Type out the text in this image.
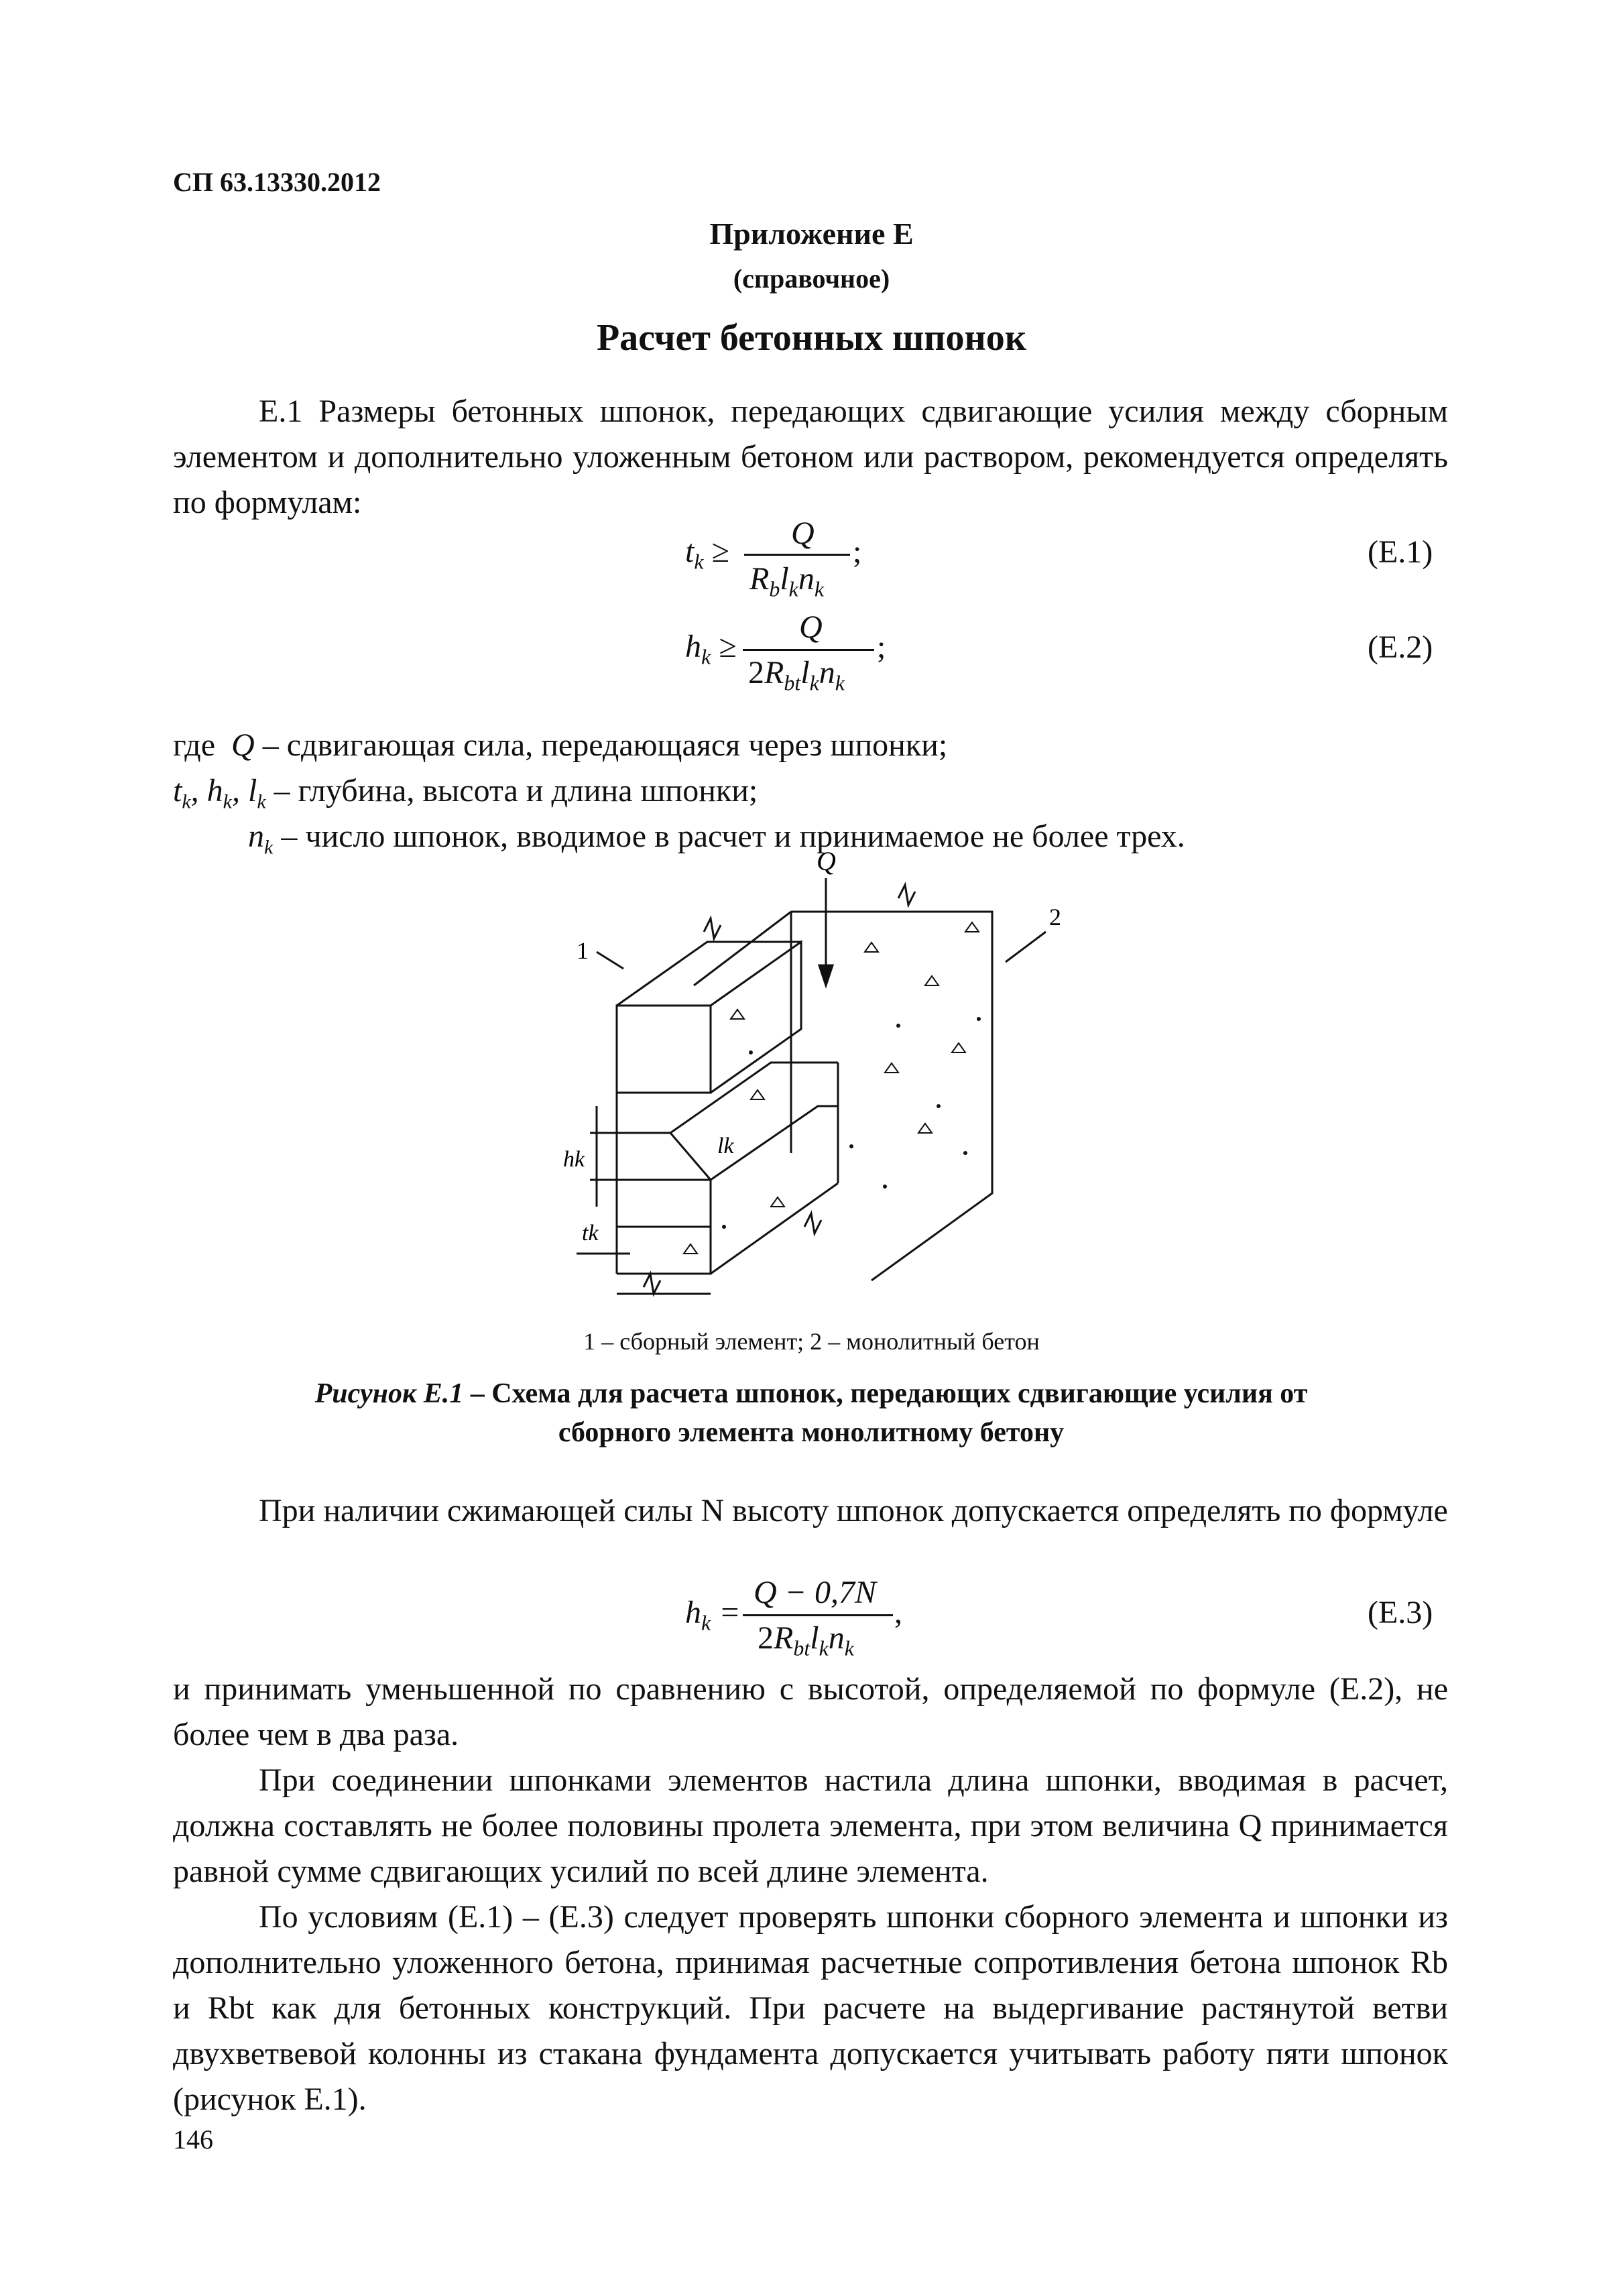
СП 63.13330.2012
Приложение Е
(справочное)
Расчет бетонных шпонок
Е.1 Размеры бетонных шпонок, передающих сдвигающие усилия между сборным элементом и дополнительно уложенным бетоном или раствором, рекомендуется определять по формулам:
$t_k$ ≥
Q
$R_bl_kn_k$
;	(Е.1)
$h_k$ ≥
Q
$2R_{bt}l_kn_k$
;	(Е.2)
где Q – сдвигающая сила, передающаяся через шпонки;
$t_k$, $h_k$, $l_k$ – глубина, высота и длина шпонки;
$n_k$ – число шпонок, вводимое в расчет и принимаемое не более трех.
Q
1
2
hk
tk
lk
1 – сборный элемент; 2 – монолитный бетон
Рисунок Е.1 – Схема для расчета шпонок, передающих сдвигающие усилия от сборного элемента монолитному бетону
При наличии сжимающей силы N высоту шпонок допускается определять по формуле
$h_k$ =
Q − 0,7N
$2R_{bt}l_kn_k$
,	(Е.3)
и принимать уменьшенной по сравнению с высотой, определяемой по формуле (Е.2), не более чем в два раза.
При соединении шпонками элементов настила длина шпонки, вводимая в расчет, должна составлять не более половины пролета элемента, при этом величина Q принимается равной сумме сдвигающих усилий по всей длине элемента.
По условиям (Е.1) – (Е.3) следует проверять шпонки сборного элемента и шпонки из дополнительно уложенного бетона, принимая расчетные сопротивления бетона шпонок Rb и Rbt как для бетонных конструкций. При расчете на выдергивание растянутой ветви двухветвевой колонны из стакана фундамента допускается учитывать работу пяти шпонок (рисунок Е.1).
146
